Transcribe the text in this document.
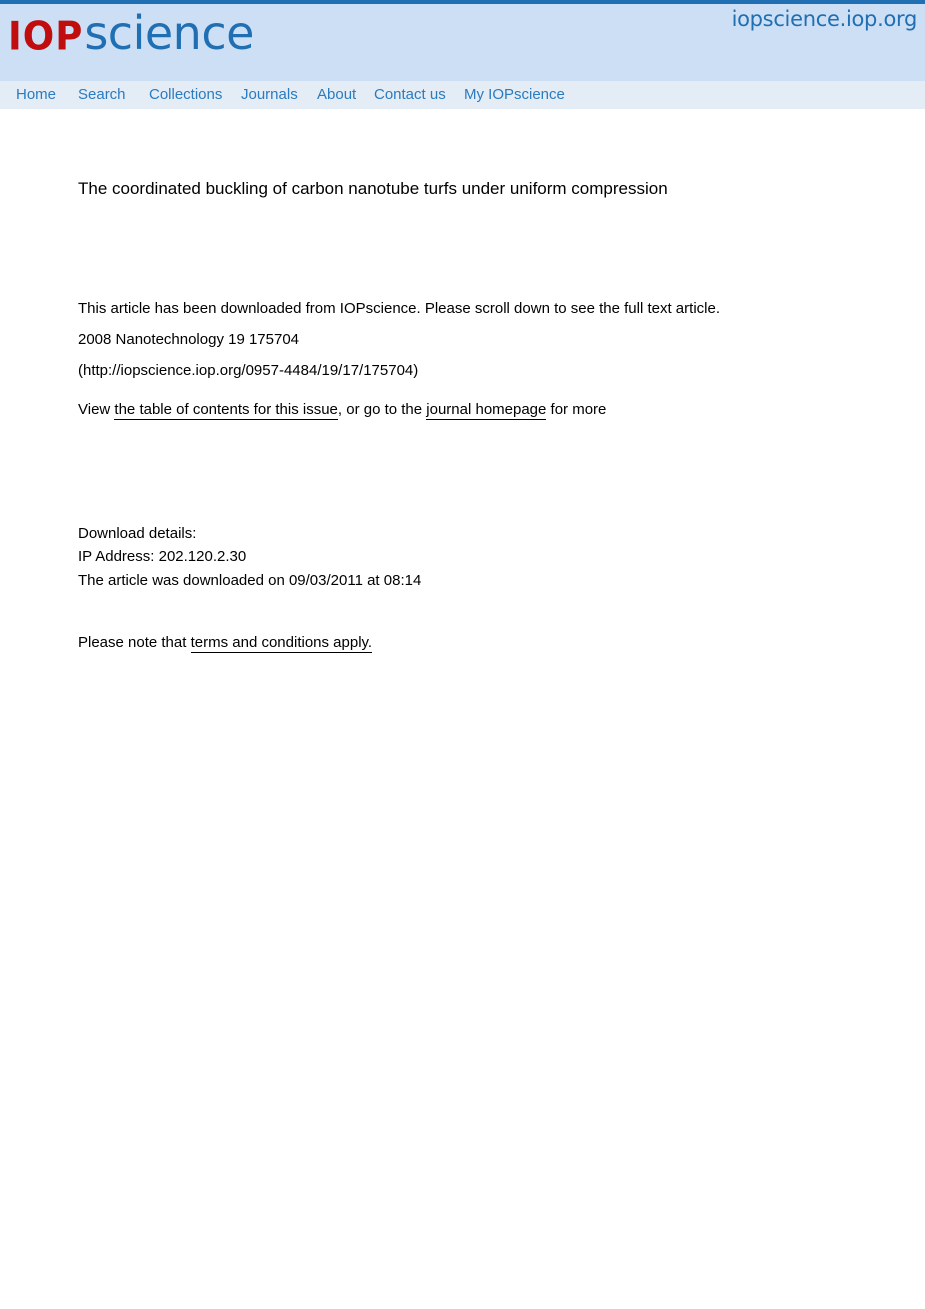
IOP science	iopscience.iop.org
Home Search Collections Journals About Contact us My IOPscience
The coordinated buckling of carbon nanotube turfs under uniform compression
This article has been downloaded from IOPscience. Please scroll down to see the full text article.
2008 Nanotechnology 19 175704
(http://iopscience.iop.org/0957-4484/19/17/175704)
View the table of contents for this issue, or go to the journal homepage for more
Download details:
IP Address: 202.120.2.30
The article was downloaded on 09/03/2011 at 08:14
Please note that terms and conditions apply.
